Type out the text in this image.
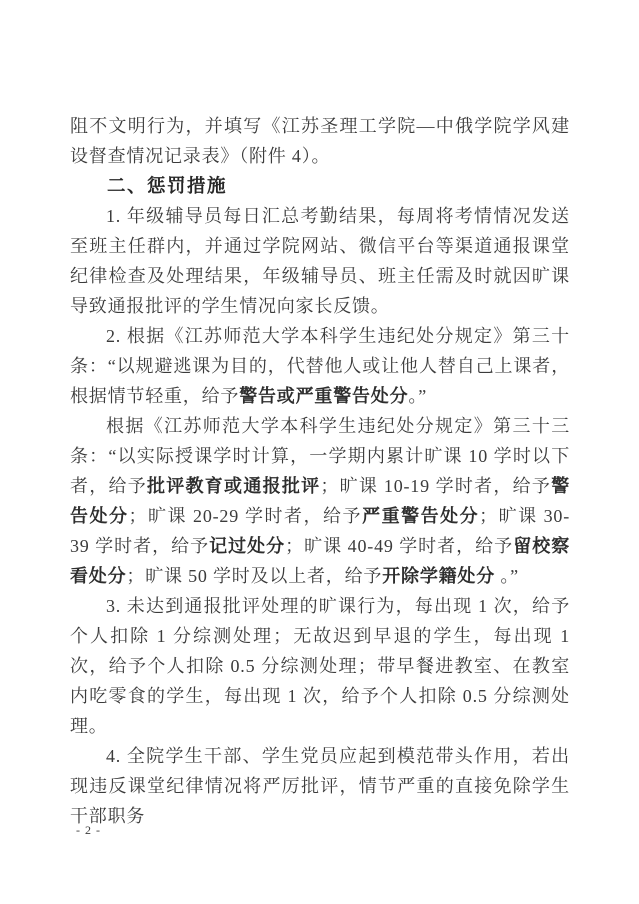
阻不文明行为，并填写《江苏圣理工学院—中俄学院学风建设督查情况记录表》（附件 4）。

二、惩罚措施

1. 年级辅导员每日汇总考勤结果，每周将考情情况发送至班主任群内，并通过学院网站、微信平台等渠道通报课堂纪律检查及处理结果，年级辅导员、班主任需及时就因旷课导致通报批评的学生情况向家长反馈。

2. 根据《江苏师范大学本科学生违纪处分规定》第三十条：“以规避逃课为目的，代替他人或让他人替自己上课者，根据情节轻重，给予警告或严重警告处分。”

根据《江苏师范大学本科学生违纪处分规定》第三十三条：“以实际授课学时计算，一学期内累计旷课 10 学时以下者，给予批评教育或通报批评；旷课 10-19 学时者，给予警告处分；旷课 20-29 学时者，给予严重警告处分；旷课 30-39 学时者，给予记过处分；旷课 40-49 学时者，给予留校察看处分；旷课 50 学时及以上者，给予开除学籍处分 。”

3. 未达到通报批评处理的旷课行为，每出现 1 次，给予个人扣除 1 分综测处理；无故迟到早退的学生，每出现 1 次，给予个人扣除 0.5 分综测处理；带早餐进教室、在教室内吃零食的学生，每出现 1 次，给予个人扣除 0.5 分综测处理。

4. 全院学生干部、学生党员应起到模范带头作用，若出现违反课堂纪律情况将严厉批评，情节严重的直接免除学生干部职务

- 2 -
